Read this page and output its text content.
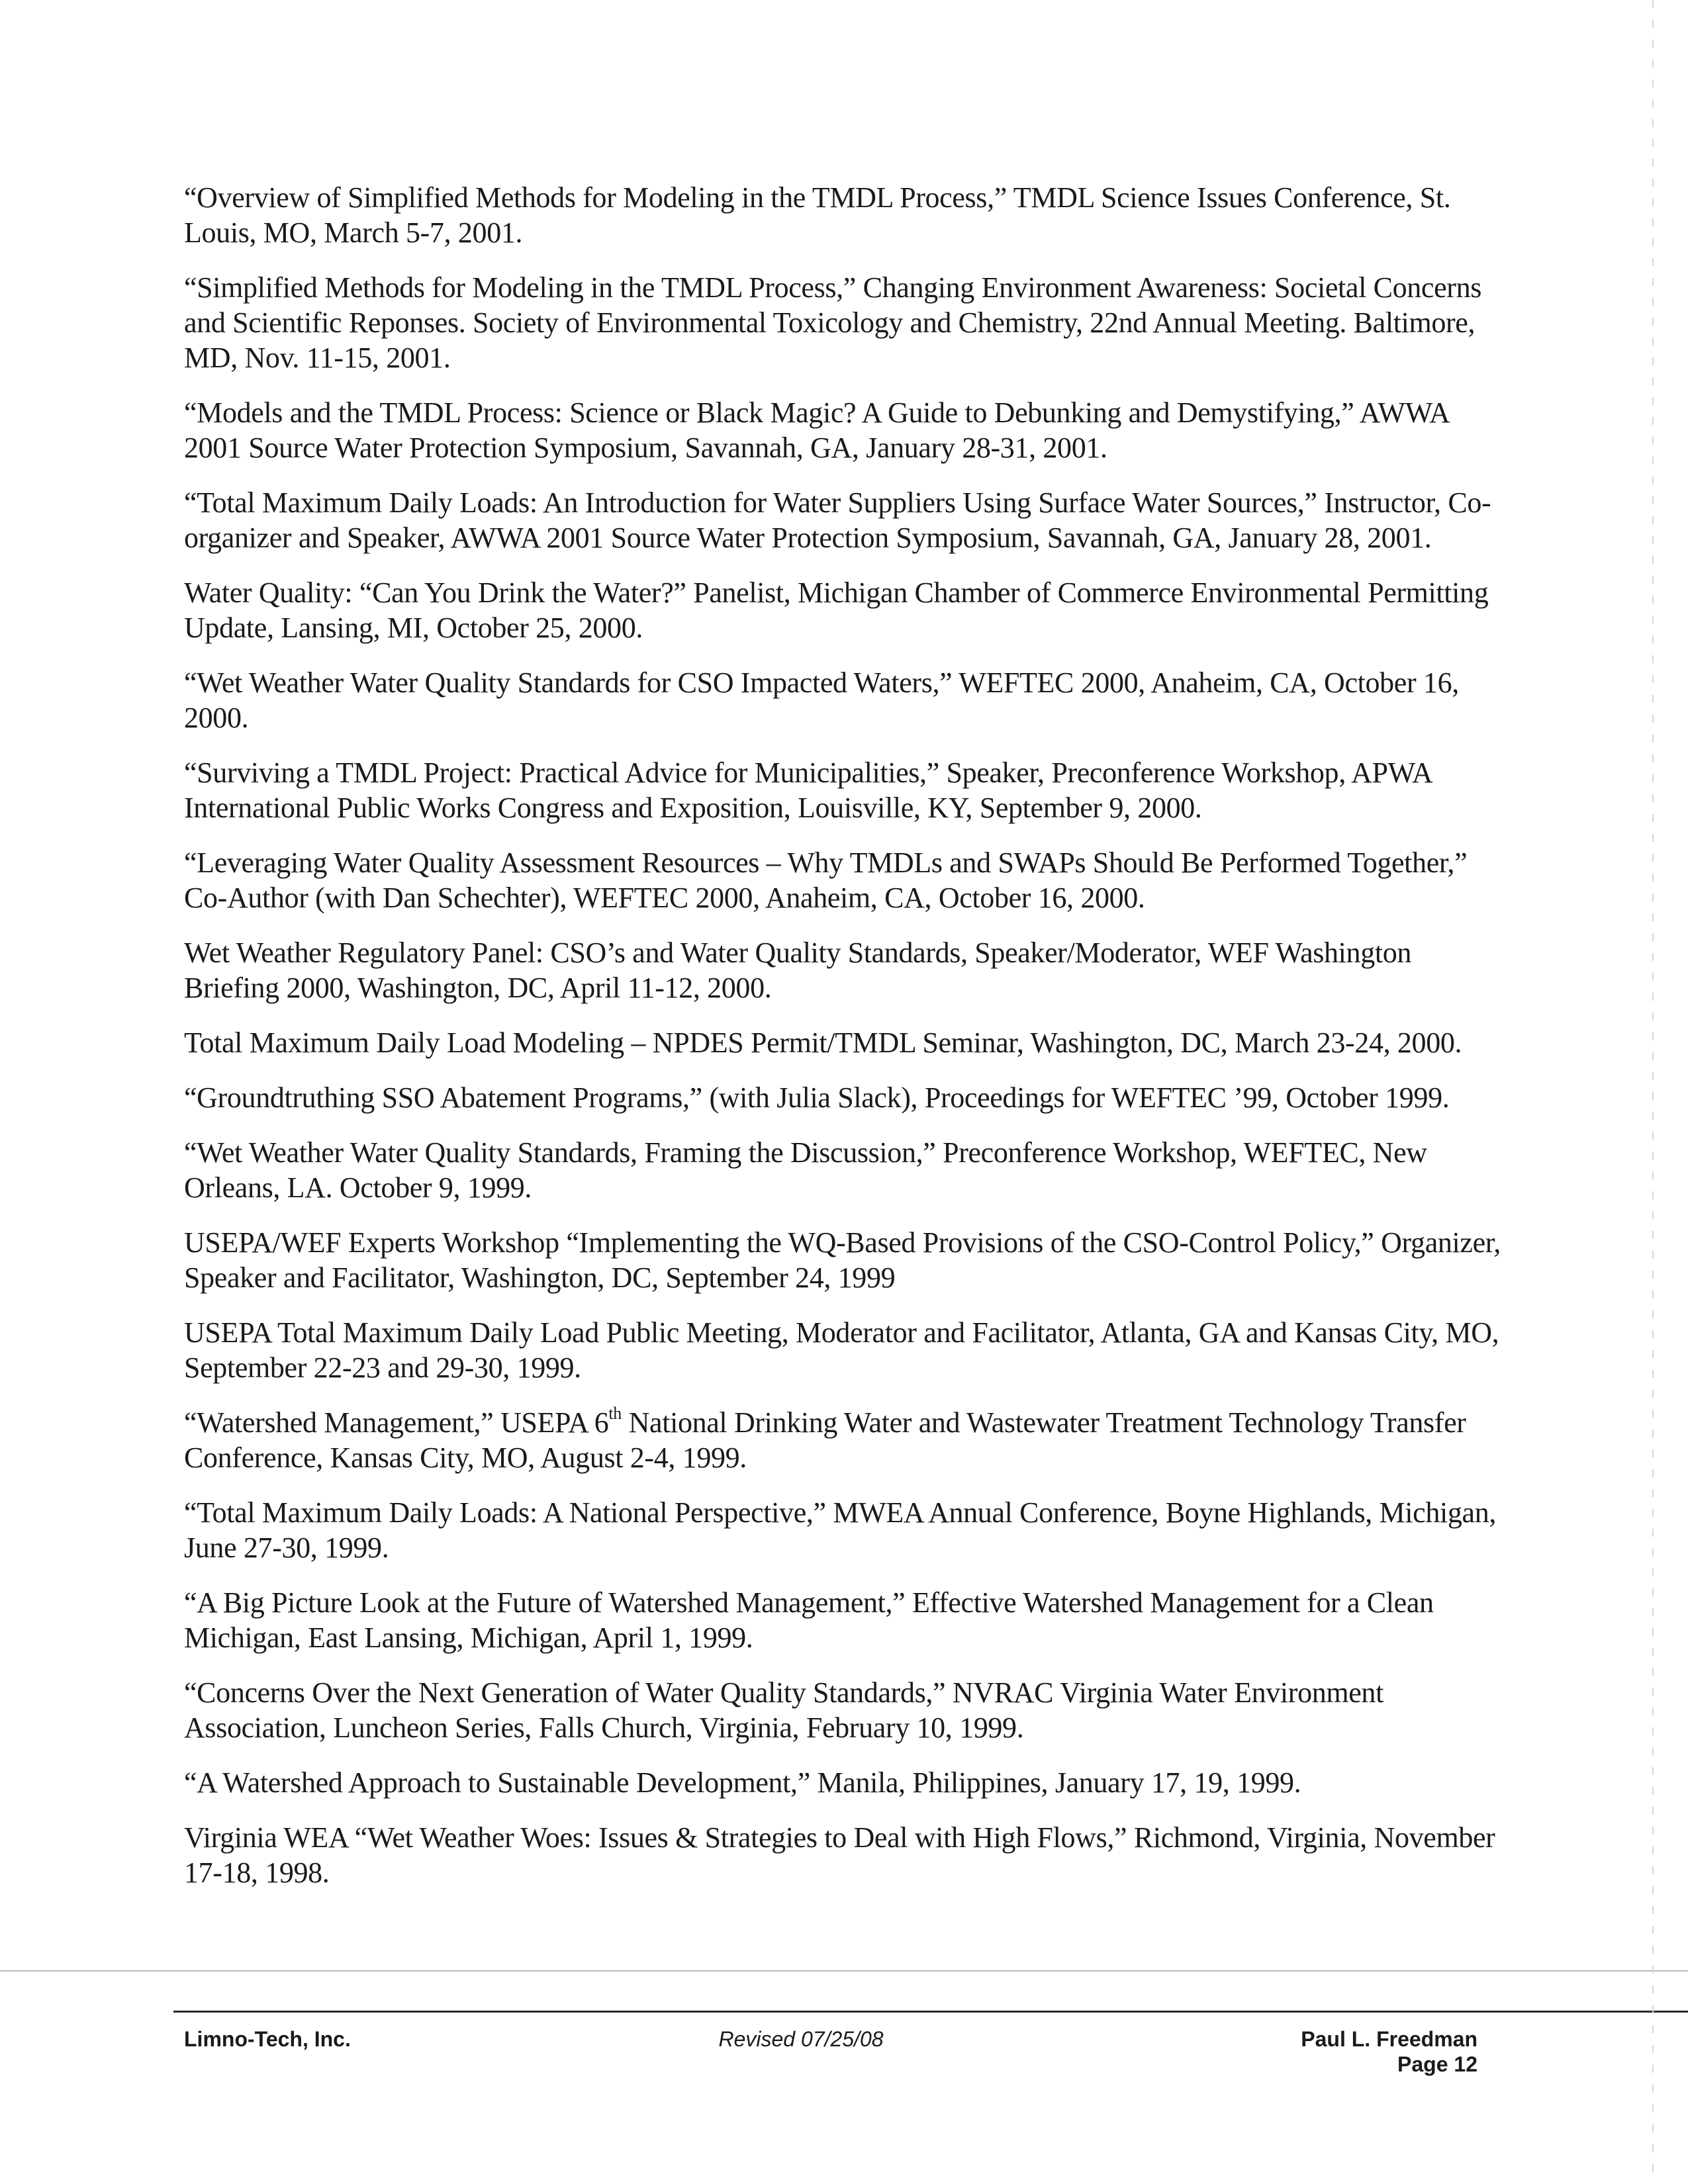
“Overview of Simplified Methods for Modeling in the TMDL Process,” TMDL Science Issues Conference, St. Louis, MO, March 5-7, 2001.

“Simplified Methods for Modeling in the TMDL Process,” Changing Environment Awareness: Societal Concerns and Scientific Reponses. Society of Environmental Toxicology and Chemistry, 22nd Annual Meeting. Baltimore, MD, Nov. 11-15, 2001.

“Models and the TMDL Process: Science or Black Magic? A Guide to Debunking and Demystifying,” AWWA 2001 Source Water Protection Symposium, Savannah, GA, January 28-31, 2001.

“Total Maximum Daily Loads: An Introduction for Water Suppliers Using Surface Water Sources,” Instructor, Co-organizer and Speaker, AWWA 2001 Source Water Protection Symposium, Savannah, GA, January 28, 2001.

Water Quality: “Can You Drink the Water?” Panelist, Michigan Chamber of Commerce Environmental Permitting Update, Lansing, MI, October 25, 2000.

“Wet Weather Water Quality Standards for CSO Impacted Waters,” WEFTEC 2000, Anaheim, CA, October 16, 2000.

“Surviving a TMDL Project: Practical Advice for Municipalities,” Speaker, Preconference Workshop, APWA International Public Works Congress and Exposition, Louisville, KY, September 9, 2000.

“Leveraging Water Quality Assessment Resources – Why TMDLs and SWAPs Should Be Performed Together,” Co-Author (with Dan Schechter), WEFTEC 2000, Anaheim, CA, October 16, 2000.

Wet Weather Regulatory Panel: CSO’s and Water Quality Standards, Speaker/Moderator, WEF Washington Briefing 2000, Washington, DC, April 11-12, 2000.

Total Maximum Daily Load Modeling – NPDES Permit/TMDL Seminar, Washington, DC, March 23-24, 2000.

“Groundtruthing SSO Abatement Programs,” (with Julia Slack), Proceedings for WEFTEC ’99, October 1999.

“Wet Weather Water Quality Standards, Framing the Discussion,” Preconference Workshop, WEFTEC, New Orleans, LA. October 9, 1999.

USEPA/WEF Experts Workshop “Implementing the WQ-Based Provisions of the CSO-Control Policy,” Organizer, Speaker and Facilitator, Washington, DC, September 24, 1999

USEPA Total Maximum Daily Load Public Meeting, Moderator and Facilitator, Atlanta, GA and Kansas City, MO, September 22-23 and 29-30, 1999.

“Watershed Management,” USEPA 6th National Drinking Water and Wastewater Treatment Technology Transfer Conference, Kansas City, MO, August 2-4, 1999.

“Total Maximum Daily Loads: A National Perspective,” MWEA Annual Conference, Boyne Highlands, Michigan, June 27-30, 1999.

“A Big Picture Look at the Future of Watershed Management,” Effective Watershed Management for a Clean Michigan, East Lansing, Michigan, April 1, 1999.

“Concerns Over the Next Generation of Water Quality Standards,” NVRAC Virginia Water Environment Association, Luncheon Series, Falls Church, Virginia, February 10, 1999.

“A Watershed Approach to Sustainable Development,” Manila, Philippines, January 17, 19, 1999.

Virginia WEA “Wet Weather Woes: Issues & Strategies to Deal with High Flows,” Richmond, Virginia, November 17-18, 1998.

Limno-Tech, Inc.	Revised 07/25/08	Paul L. Freedman
Page 12
